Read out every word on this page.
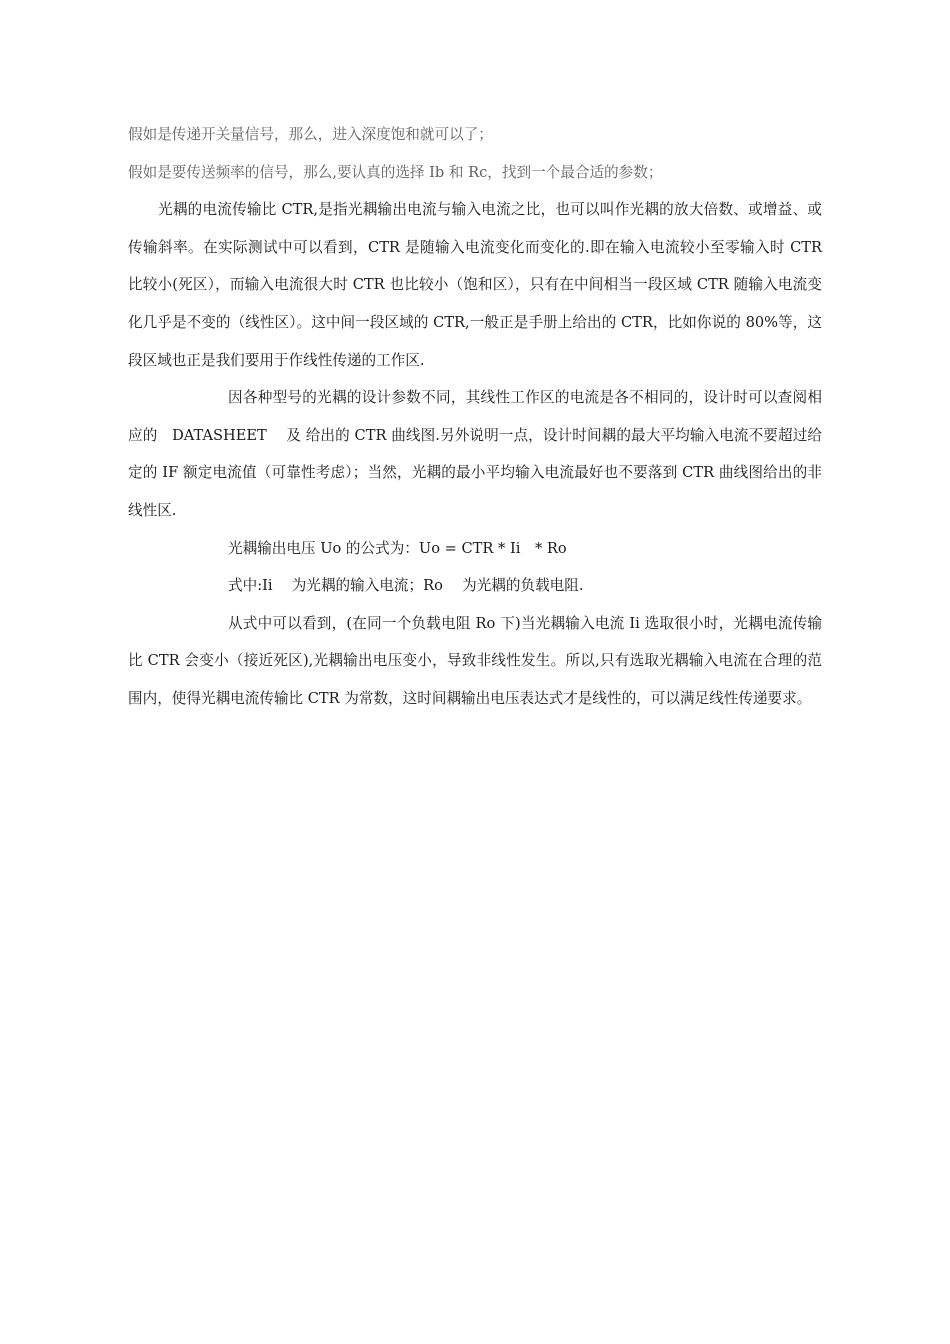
假如是传递开关量信号，那么，进入深度饱和就可以了；

假如是要传送频率的信号，那么,要认真的选择 Ib 和 Rc，找到一个最合适的参数；

光耦的电流传输比 CTR,是指光耦输出电流与输入电流之比，也可以叫作光耦的放大倍数、或增益、或传输斜率。在实际测试中可以看到，CTR 是随输入电流变化而变化的.即在输入电流较小至零输入时 CTR 比较小(死区），而输入电流很大时 CTR 也比较小（饱和区），只有在中间相当一段区域 CTR 随输入电流变化几乎是不变的（线性区）。这中间一段区域的 CTR,一般正是手册上给出的 CTR，比如你说的 80%等，这段区域也正是我们要用于作线性传递的工作区.

因各种型号的光耦的设计参数不同，其线性工作区的电流是各不相同的，设计时可以查阅相应的　DATASHEET　 及 给出的 CTR 曲线图.另外说明一点，设计时间耦的最大平均输入电流不要超过给定的 IF 额定电流值（可靠性考虑）；当然，光耦的最小平均输入电流最好也不要落到 CTR 曲线图给出的非线性区.

光耦输出电压 Uo 的公式为：Uo = CTR * Ii　* Ro

式中:Ii　 为光耦的输入电流；Ro　 为光耦的负载电阻.

从式中可以看到，(在同一个负载电阻 Ro 下)当光耦输入电流 Ii 选取很小时，光耦电流传输比 CTR 会变小（接近死区),光耦输出电压变小，导致非线性发生。所以,只有选取光耦输入电流在合理的范围内，使得光耦电流传输比 CTR 为常数，这时间耦输出电压表达式才是线性的，可以满足线性传递要求。
